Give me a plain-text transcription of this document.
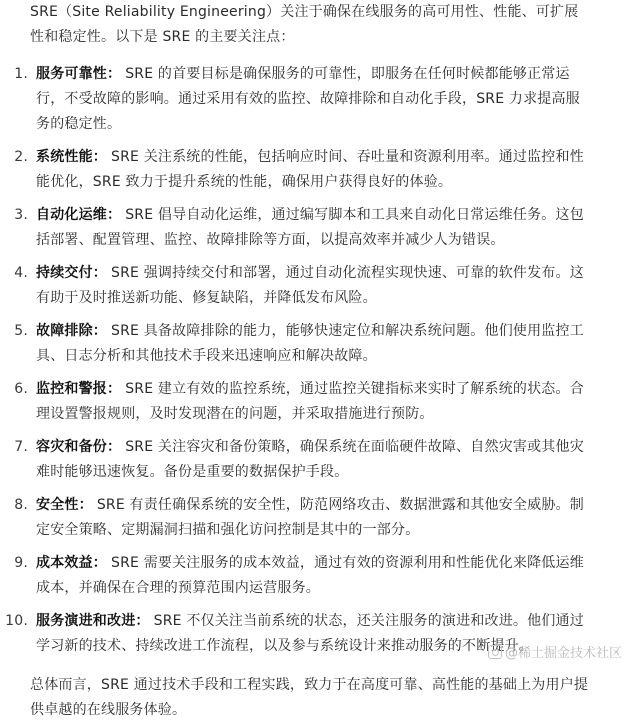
SRE（Site Reliability Engineering）关注于确保在线服务的高可用性、性能、可扩展性和稳定性。以下是 SRE 的主要关注点：

1. 服务可靠性： SRE 的首要目标是确保服务的可靠性，即服务在任何时候都能够正常运行，不受故障的影响。通过采用有效的监控、故障排除和自动化手段，SRE 力求提高服务的稳定性。
2. 系统性能： SRE 关注系统的性能，包括响应时间、吞吐量和资源利用率。通过监控和性能优化，SRE 致力于提升系统的性能，确保用户获得良好的体验。
3. 自动化运维： SRE 倡导自动化运维，通过编写脚本和工具来自动化日常运维任务。这包括部署、配置管理、监控、故障排除等方面，以提高效率并减少人为错误。
4. 持续交付： SRE 强调持续交付和部署，通过自动化流程实现快速、可靠的软件发布。这有助于及时推送新功能、修复缺陷，并降低发布风险。
5. 故障排除： SRE 具备故障排除的能力，能够快速定位和解决系统问题。他们使用监控工具、日志分析和其他技术手段来迅速响应和解决故障。
6. 监控和警报： SRE 建立有效的监控系统，通过监控关键指标来实时了解系统的状态。合理设置警报规则，及时发现潜在的问题，并采取措施进行预防。
7. 容灾和备份： SRE 关注容灾和备份策略，确保系统在面临硬件故障、自然灾害或其他灾难时能够迅速恢复。备份是重要的数据保护手段。
8. 安全性： SRE 有责任确保系统的安全性，防范网络攻击、数据泄露和其他安全威胁。制定安全策略、定期漏洞扫描和强化访问控制是其中的一部分。
9. 成本效益： SRE 需要关注服务的成本效益，通过有效的资源利用和性能优化来降低运维成本，并确保在合理的预算范围内运营服务。
10. 服务演进和改进： SRE 不仅关注当前系统的状态，还关注服务的演进和改进。他们通过学习新的技术、持续改进工作流程，以及参与系统设计来推动服务的不断提升。

总体而言，SRE 通过技术手段和工程实践，致力于在高度可靠、高性能的基础上为用户提供卓越的在线服务体验。

@稀土掘金技术社区
